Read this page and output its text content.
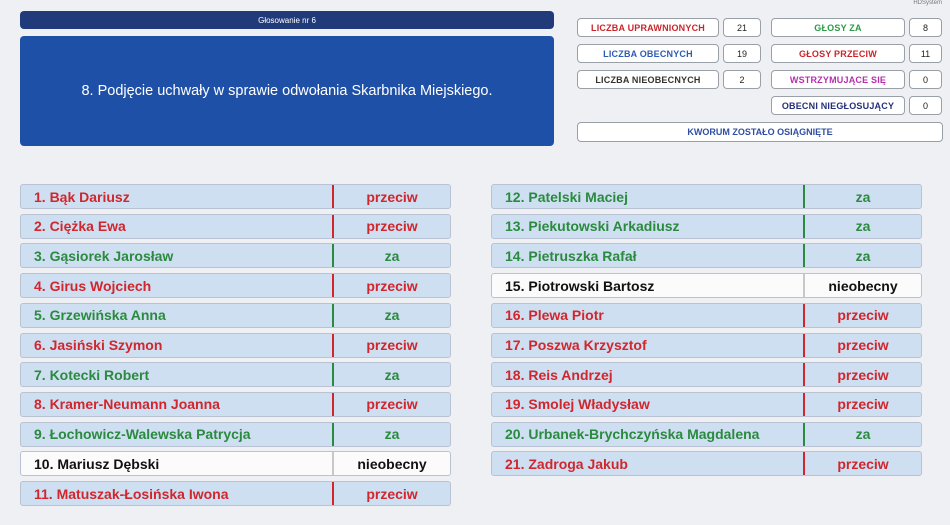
HDSystem
Głosowanie nr 6
8. Podjęcie uchwały w sprawie odwołania Skarbnika Miejskiego.
LICZBA UPRAWNIONYCH	21
LICZBA OBECNYCH	19
LICZBA NIEOBECNYCH	2
GŁOSY ZA	8
GŁOSY PRZECIW	11
WSTRZYMUJĄCE SIĘ	0
OBECNI NIEGŁOSUJĄCY	0
KWORUM ZOSTAŁO OSIĄGNIĘTE
1. Bąk Dariusz	przeciw
2. Ciężka Ewa	przeciw
3. Gąsiorek Jarosław	za
4. Girus Wojciech	przeciw
5. Grzewińska Anna	za
6. Jasiński Szymon	przeciw
7. Kotecki Robert	za
8. Kramer-Neumann Joanna	przeciw
9. Łochowicz-Walewska Patrycja	za
10. Mariusz Dębski	nieobecny
11. Matuszak-Łosińska Iwona	przeciw
12. Patelski Maciej	za
13. Piekutowski Arkadiusz	za
14. Pietruszka Rafał	za
15. Piotrowski Bartosz	nieobecny
16. Plewa Piotr	przeciw
17. Poszwa Krzysztof	przeciw
18. Reis Andrzej	przeciw
19. Smolej Władysław	przeciw
20. Urbanek-Brychczyńska Magdalena	za
21. Zadroga Jakub	przeciw
